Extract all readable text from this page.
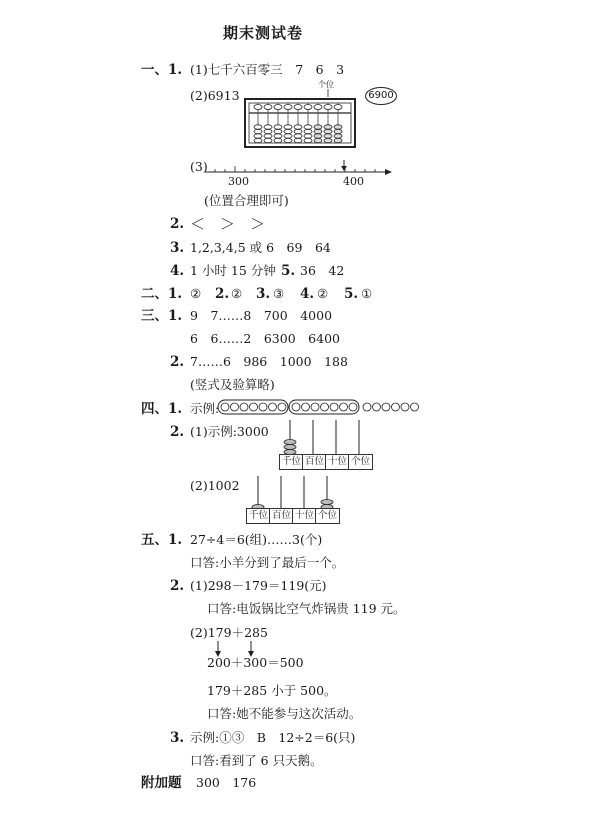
期末测试卷
一、1. (1)七千六百零三　7　6　3
(2)6913
个位
6900
(3)
300	400
(位置合理即可)
2. ＜　＞　＞
3. 1,2,3,4,5 或 6　69　64
4. 1 小时 15 分钟 5. 36　42
二、1. ② 2. ② 3. ③ 4. ② 5. ①
三、1. 9　7……8　700　4000
6　6……2　6300　6400
2. 7……6　986　1000　188
(竖式及验算略)
四、1. 示例:
2. (1)示例:3000
千位 百位 十位 个位
(2)1002
千位 百位 十位 个位
五、1. 27÷4＝6(组)……3(个)
口答:小羊分到了最后一个。
2. (1)298－179＝119(元)
口答:电饭锅比空气炸锅贵 119 元。
(2)179＋285
200＋300＝500
179＋285 小于 500。
口答:她不能参与这次活动。
3. 示例:①③　B　12÷2＝6(只)
口答:看到了 6 只天鹅。
附加题 300　176
